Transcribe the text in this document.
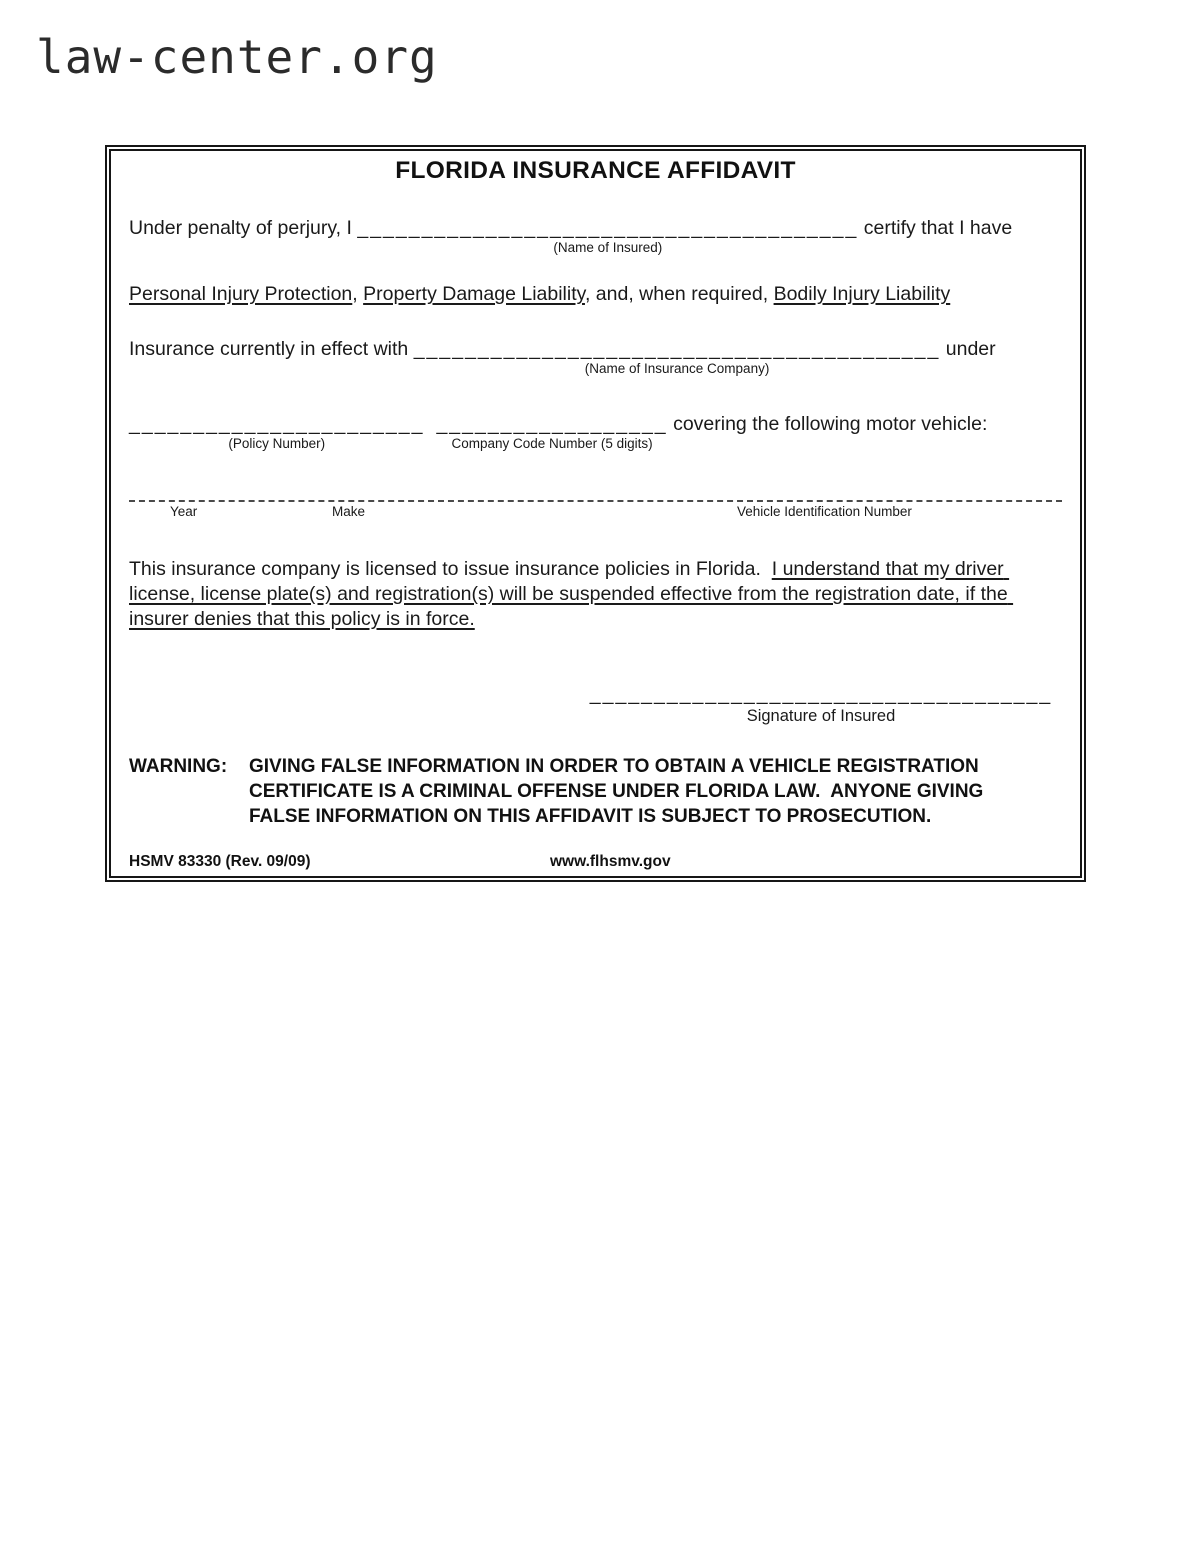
law-center.org
FLORIDA INSURANCE AFFIDAVIT
Under penalty of perjury, I _______________________________________
(Name of Insured)
certify that I have
Personal Injury Protection, Property Damage Liability, and, when required, Bodily Injury Liability
Insurance currently in effect with _________________________________________
(Name of Insurance Company)
under
_______________________
(Policy Number)
__________________
Company Code Number (5 digits)
covering the following motor vehicle:
Year	Make	Vehicle Identification Number
This insurance company is licensed to issue insurance policies in Florida.  I understand that my driver license, license plate(s) and registration(s) will be suspended effective from the registration date, if the insurer denies that this policy is in force.
____________________________________
Signature of Insured
WARNING:	GIVING FALSE INFORMATION IN ORDER TO OBTAIN A VEHICLE REGISTRATION CERTIFICATE IS A CRIMINAL OFFENSE UNDER FLORIDA LAW.  ANYONE GIVING FALSE INFORMATION ON THIS AFFIDAVIT IS SUBJECT TO PROSECUTION.
HSMV 83330 (Rev. 09/09)	www.flhsmv.gov
